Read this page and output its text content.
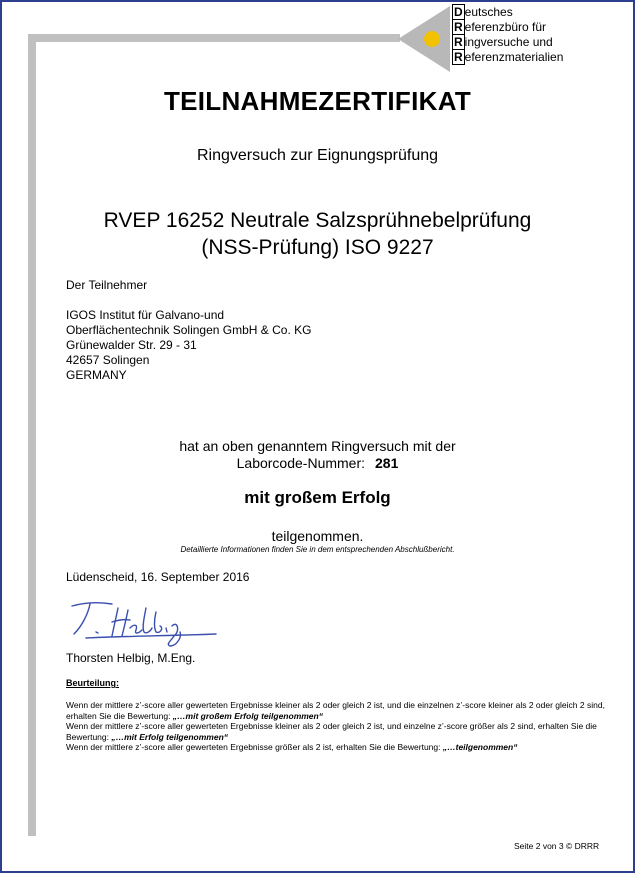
D eutsches
R eferenzbüro für
R ingversuche und
R eferenzmaterialien
TEILNAHMEZERTIFIKAT
Ringversuch zur Eignungsprüfung
RVEP 16252 Neutrale Salzsprühnebelprüfung
(NSS-Prüfung) ISO 9227
Der Teilnehmer
IGOS Institut für Galvano-und
Oberflächentechnik Solingen GmbH & Co. KG
Grünewalder Str. 29 - 31
42657 Solingen
GERMANY
hat an oben genanntem Ringversuch mit der
Laborcode-Nummer: 281
mit großem Erfolg
teilgenommen.
Detaillierte Informationen finden Sie in dem entsprechenden Abschlußbericht.
Lüdenscheid, 16. September 2016
Thorsten Helbig, M.Eng.
Beurteilung:
Wenn der mittlere z’-score aller gewerteten Ergebnisse kleiner als 2 oder gleich 2 ist, und die einzelnen z’-score kleiner als 2 oder gleich 2 sind, erhalten Sie die Bewertung: „…mit großem Erfolg teilgenommen“
Wenn der mittlere z’-score aller gewerteten Ergebnisse kleiner als 2 oder gleich 2 ist, und einzelne z’-score größer als 2 sind, erhalten Sie die Bewertung: „…mit Erfolg teilgenommen“
Wenn der mittlere z’-score aller gewerteten Ergebnisse größer als 2 ist, erhalten Sie die Bewertung: „…teilgenommen“
Seite 2 von 3 © DRRR
